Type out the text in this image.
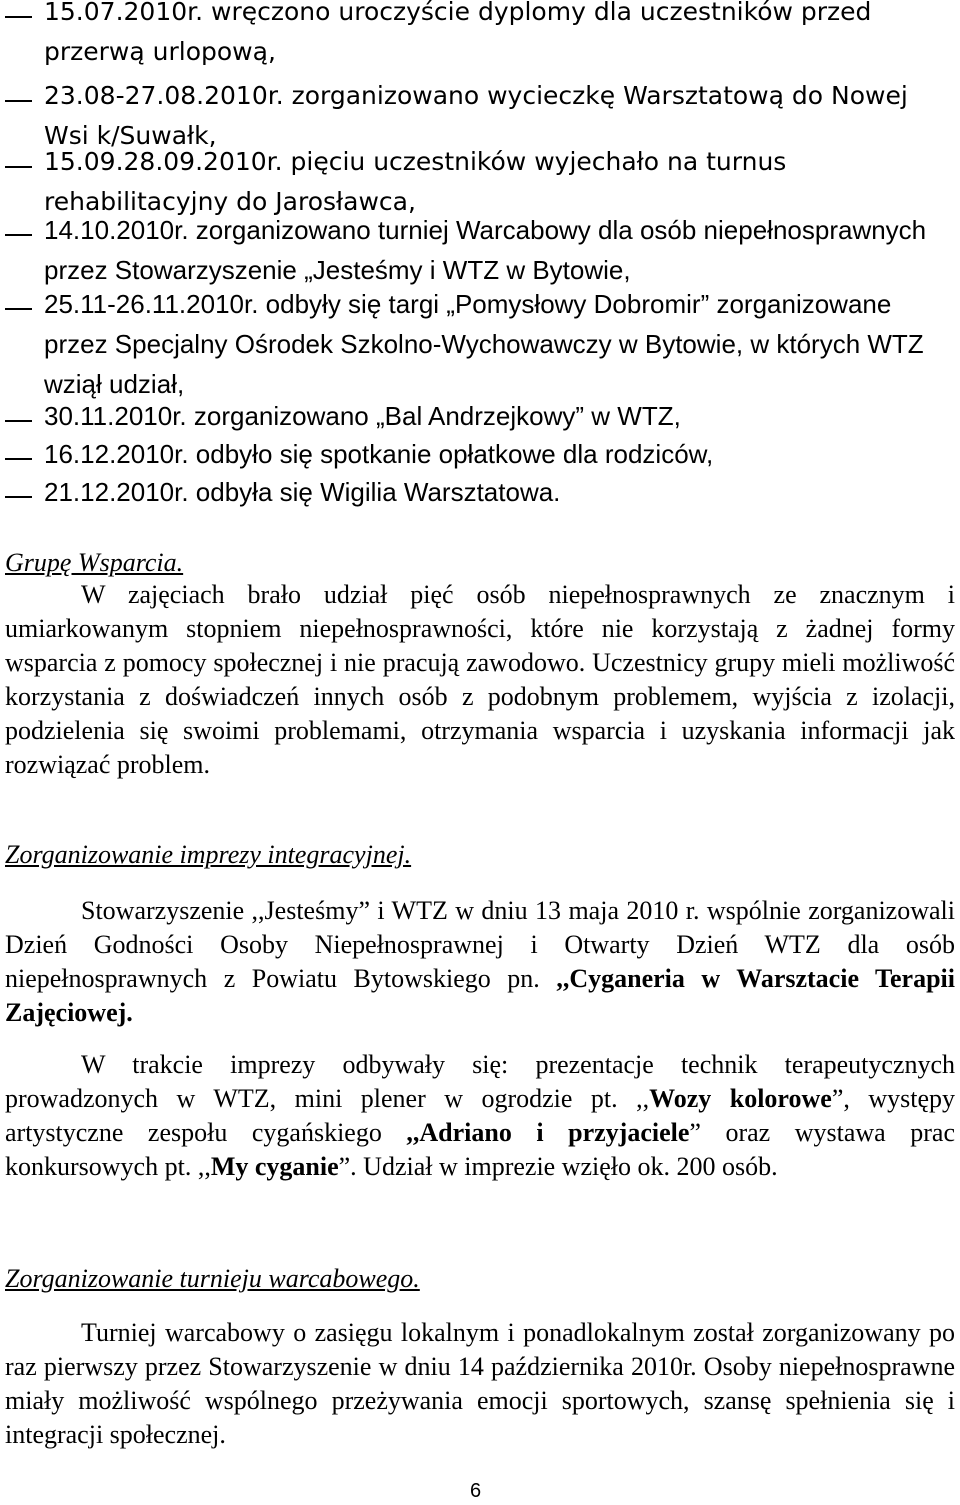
15.07.2010r. wręczono uroczyście dyplomy dla uczestników przed przerwą urlopową,
23.08-27.08.2010r. zorganizowano wycieczkę Warsztatową do Nowej Wsi k/Suwałk,
15.09.28.09.2010r. pięciu uczestników wyjechało na turnus rehabilitacyjny do Jarosławca,
14.10.2010r. zorganizowano turniej Warcabowy dla osób niepełnosprawnych przez Stowarzyszenie „Jesteśmy i WTZ w Bytowie,
25.11-26.11.2010r. odbyły się targi „Pomysłowy Dobromir” zorganizowane przez Specjalny Ośrodek Szkolno-Wychowawczy w Bytowie, w których WTZ wziął udział,
30.11.2010r. zorganizowano „Bal Andrzejkowy” w WTZ,
16.12.2010r. odbyło się spotkanie opłatkowe dla rodziców,
21.12.2010r. odbyła się Wigilia Warsztatowa.
Grupę Wsparcia.
W zajęciach brało udział pięć osób niepełnosprawnych ze znacznym i umiarkowanym stopniem niepełnosprawności, które nie korzystają z żadnej formy wsparcia z pomocy społecznej i nie pracują zawodowo. Uczestnicy grupy mieli możliwość korzystania z doświadczeń innych osób z podobnym problemem, wyjścia z izolacji, podzielenia się swoimi problemami, otrzymania wsparcia i uzyskania informacji jak rozwiązać problem.
Zorganizowanie imprezy integracyjnej.
Stowarzyszenie ,,Jesteśmy” i WTZ w dniu 13 maja 2010 r. wspólnie zorganizowali Dzień Godności Osoby Niepełnosprawnej i Otwarty Dzień WTZ dla osób niepełnosprawnych z Powiatu Bytowskiego pn. ,,Cyganeria w Warsztacie Terapii Zajęciowej.
W trakcie imprezy odbywały się: prezentacje technik terapeutycznych prowadzonych w WTZ, mini plener w ogrodzie pt. ,,Wozy kolorowe”, występy artystyczne zespołu cygańskiego ,,Adriano i przyjaciele” oraz wystawa prac konkursowych pt. ,,My cyganie”. Udział w imprezie wzięło ok. 200 osób.
Zorganizowanie turnieju warcabowego.
Turniej warcabowy o zasięgu lokalnym i ponadlokalnym został zorganizowany po raz pierwszy przez Stowarzyszenie w dniu 14 października 2010r. Osoby niepełnosprawne miały możliwość wspólnego przeżywania emocji sportowych, szansę spełnienia się i integracji społecznej.
6
